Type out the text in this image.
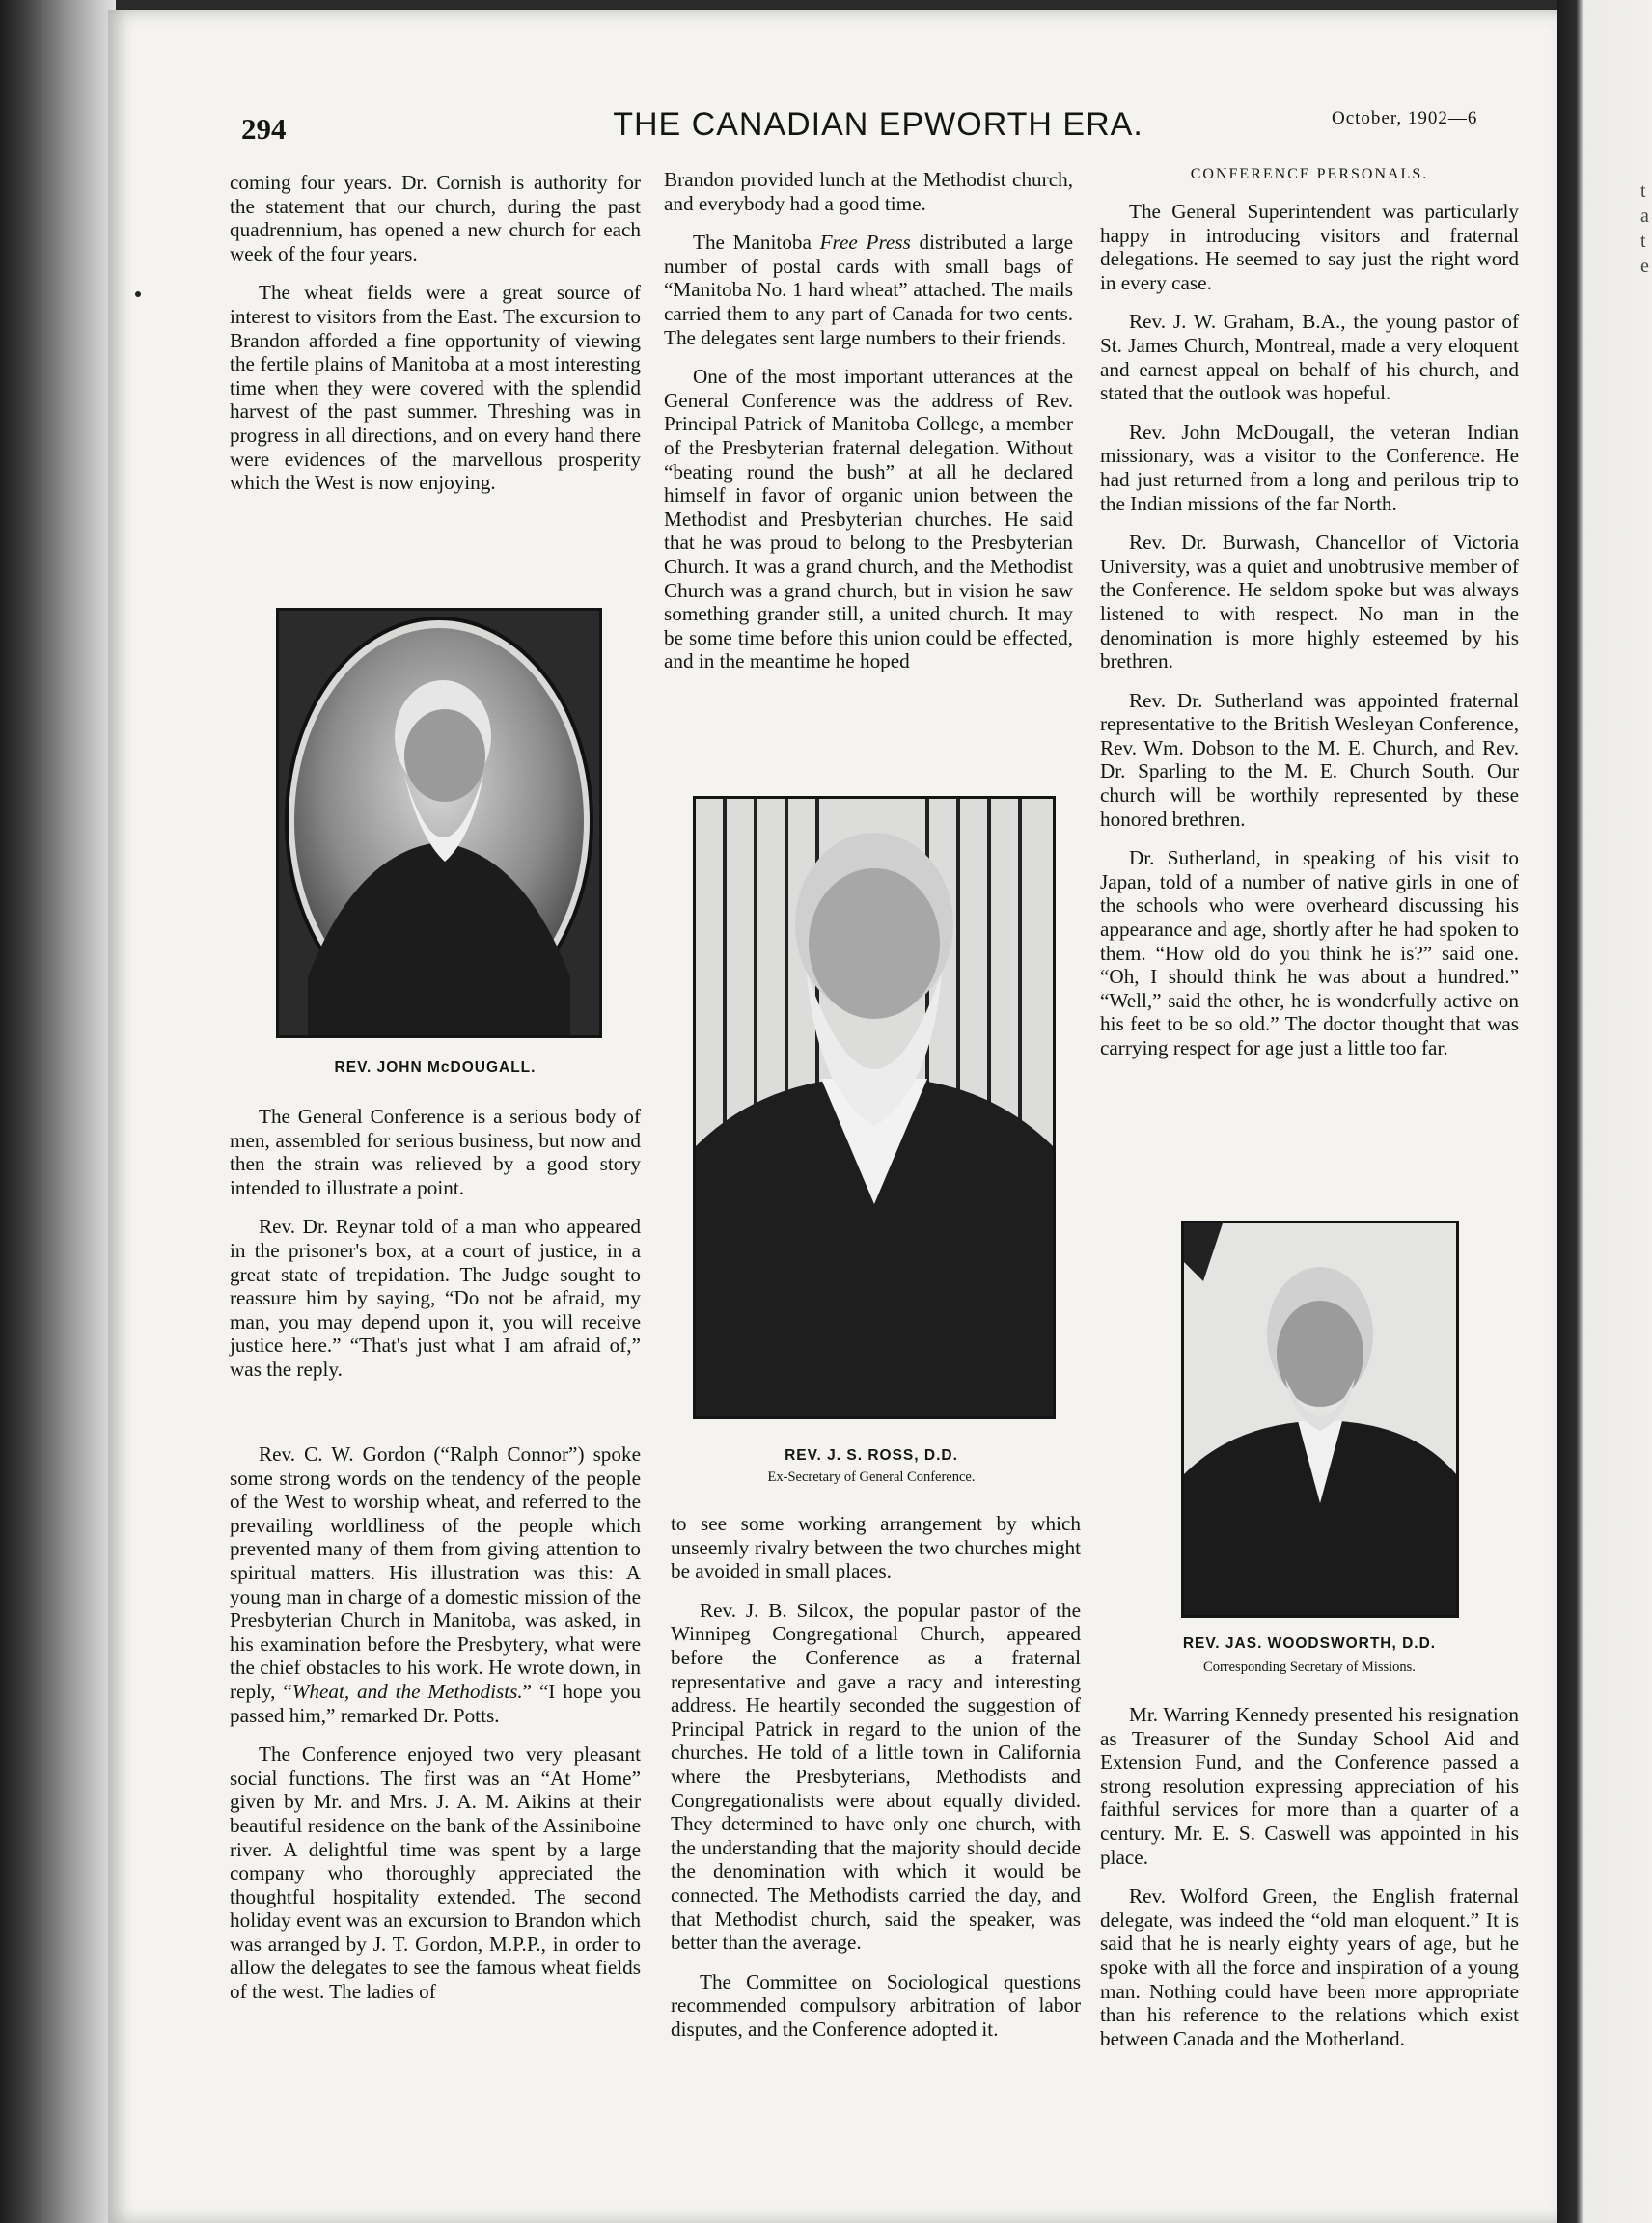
t
a
t
e
294	THE CANADIAN EPWORTH ERA.	October, 1902—6

coming four years. Dr. Cornish is authority for the statement that our church, during the past quadrennium, has opened a new church for each week of the four years.

The wheat fields were a great source of interest to visitors from the East. The excursion to Brandon afforded a fine opportunity of viewing the fertile plains of Manitoba at a most interesting time when they were covered with the splendid harvest of the past summer. Threshing was in progress in all directions, and on every hand there were evidences of the marvellous prosperity which the West is now enjoying.

REV. JOHN McDOUGALL.

The General Conference is a serious body of men, assembled for serious business, but now and then the strain was relieved by a good story intended to illustrate a point.

Rev. Dr. Reynar told of a man who appeared in the prisoner's box, at a court of justice, in a great state of trepidation. The Judge sought to reassure him by saying, “Do not be afraid, my man, you may depend upon it, you will receive justice here.” “That's just what I am afraid of,” was the reply.

Rev. C. W. Gordon (“Ralph Connor”) spoke some strong words on the tendency of the people of the West to worship wheat, and referred to the prevailing worldliness of the people which prevented many of them from giving attention to spiritual matters. His illustration was this: A young man in charge of a domestic mission of the Presbyterian Church in Manitoba, was asked, in his examination before the Presbytery, what were the chief obstacles to his work. He wrote down, in reply, “Wheat, and the Methodists.” “I hope you passed him,” remarked Dr. Potts.

The Conference enjoyed two very pleasant social functions. The first was an “At Home” given by Mr. and Mrs. J. A. M. Aikins at their beautiful residence on the bank of the Assiniboine river. A delightful time was spent by a large company who thoroughly appreciated the thoughtful hospitality extended. The second holiday event was an excursion to Brandon which was arranged by J. T. Gordon, M.P.P., in order to allow the delegates to see the famous wheat fields of the west. The ladies of

Brandon provided lunch at the Methodist church, and everybody had a good time.

The Manitoba Free Press distributed a large number of postal cards with small bags of “Manitoba No. 1 hard wheat” attached. The mails carried them to any part of Canada for two cents. The delegates sent large numbers to their friends.

One of the most important utterances at the General Conference was the address of Rev. Principal Patrick of Manitoba College, a member of the Presbyterian fraternal delegation. Without “beating round the bush” at all he declared himself in favor of organic union between the Methodist and Presbyterian churches. He said that he was proud to belong to the Presbyterian Church. It was a grand church, and the Methodist Church was a grand church, but in vision he saw something grander still, a united church. It may be some time before this union could be effected, and in the meantime he hoped

REV. J. S. ROSS, D.D.
Ex-Secretary of General Conference.

to see some working arrangement by which unseemly rivalry between the two churches might be avoided in small places.

Rev. J. B. Silcox, the popular pastor of the Winnipeg Congregational Church, appeared before the Conference as a fraternal representative and gave a racy and interesting address. He heartily seconded the suggestion of Principal Patrick in regard to the union of the churches. He told of a little town in California where the Presbyterians, Methodists and Congregationalists were about equally divided. They determined to have only one church, with the understanding that the majority should decide the denomination with which it would be connected. The Methodists carried the day, and that Methodist church, said the speaker, was better than the average.

The Committee on Sociological questions recommended compulsory arbitration of labor disputes, and the Conference adopted it.

CONFERENCE PERSONALS.

The General Superintendent was particularly happy in introducing visitors and fraternal delegations. He seemed to say just the right word in every case.

Rev. J. W. Graham, B.A., the young pastor of St. James Church, Montreal, made a very eloquent and earnest appeal on behalf of his church, and stated that the outlook was hopeful.

Rev. John McDougall, the veteran Indian missionary, was a visitor to the Conference. He had just returned from a long and perilous trip to the Indian missions of the far North.

Rev. Dr. Burwash, Chancellor of Victoria University, was a quiet and unobtrusive member of the Conference. He seldom spoke but was always listened to with respect. No man in the denomination is more highly esteemed by his brethren.

Rev. Dr. Sutherland was appointed fraternal representative to the British Wesleyan Conference, Rev. Wm. Dobson to the M. E. Church, and Rev. Dr. Sparling to the M. E. Church South. Our church will be worthily represented by these honored brethren.

Dr. Sutherland, in speaking of his visit to Japan, told of a number of native girls in one of the schools who were overheard discussing his appearance and age, shortly after he had spoken to them. “How old do you think he is?” said one. “Oh, I should think he was about a hundred.” “Well,” said the other, he is wonderfully active on his feet to be so old.” The doctor thought that was carrying respect for age just a little too far.

REV. JAS. WOODSWORTH, D.D.
Corresponding Secretary of Missions.

Mr. Warring Kennedy presented his resignation as Treasurer of the Sunday School Aid and Extension Fund, and the Conference passed a strong resolution expressing appreciation of his faithful services for more than a quarter of a century. Mr. E. S. Caswell was appointed in his place.

Rev. Wolford Green, the English fraternal delegate, was indeed the “old man eloquent.” It is said that he is nearly eighty years of age, but he spoke with all the force and inspiration of a young man. Nothing could have been more appropriate than his reference to the relations which exist between Canada and the Motherland.
